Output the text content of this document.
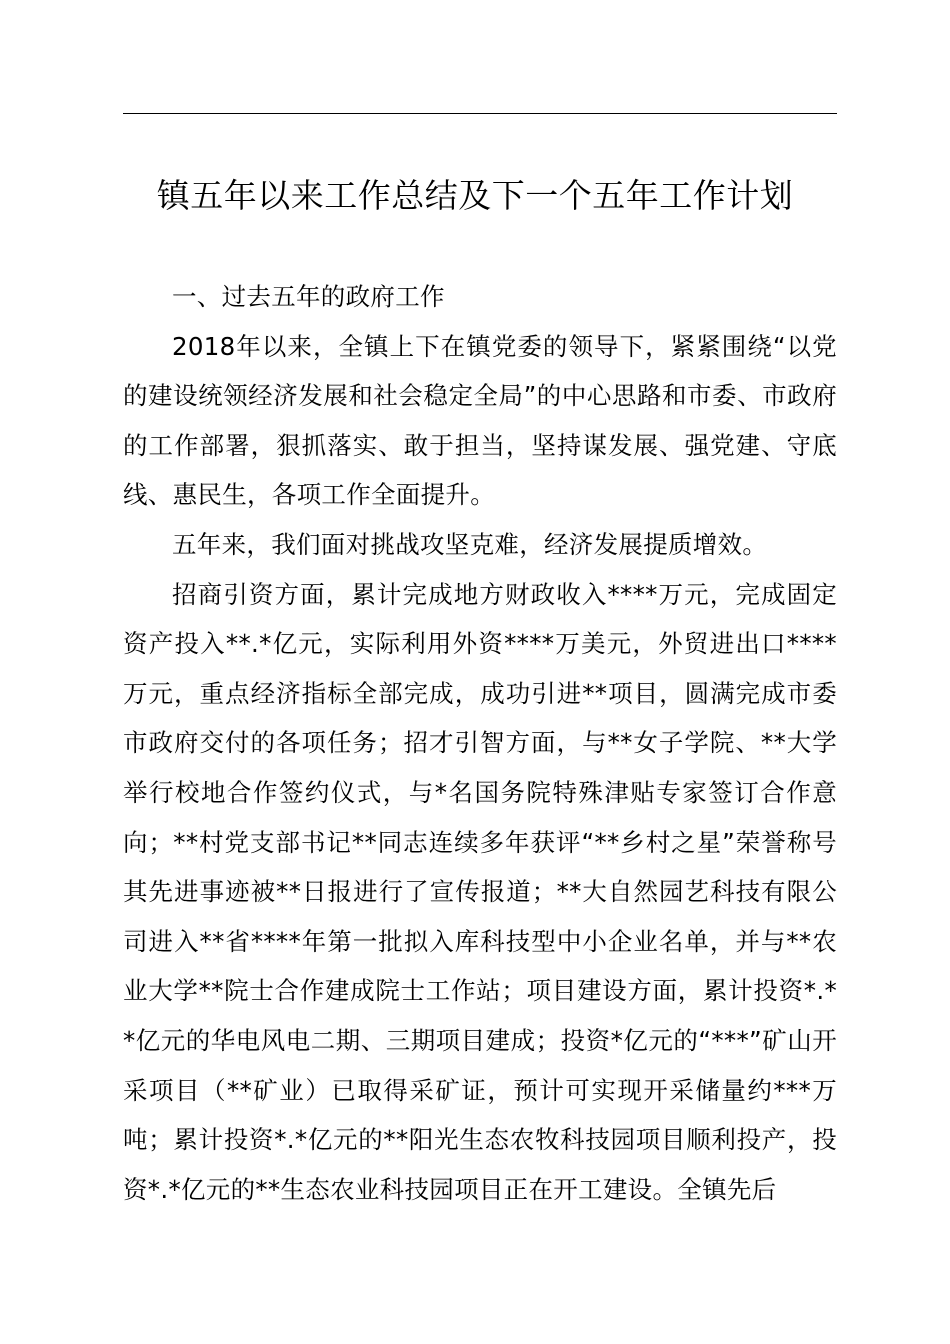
镇五年以来工作总结及下一个五年工作计划

一、过去五年的政府工作

2018年以来，全镇上下在镇党委的领导下，紧紧围绕“以党的建设统领经济发展和社会稳定全局”的中心思路和市委、市政府的工作部署，狠抓落实、敢于担当，坚持谋发展、强党建、守底线、惠民生，各项工作全面提升。

五年来，我们面对挑战攻坚克难，经济发展提质增效。

招商引资方面，累计完成地方财政收入****万元，完成固定资产投入**.*亿元，实际利用外资****万美元，外贸进出口****万元，重点经济指标全部完成，成功引进**项目，圆满完成市委市政府交付的各项任务；招才引智方面，与**女子学院、**大学举行校地合作签约仪式，与*名国务院特殊津贴专家签订合作意向；**村党支部书记**同志连续多年获评“**乡村之星”荣誉称号其先进事迹被**日报进行了宣传报道；**大自然园艺科技有限公司进入**省****年第一批拟入库科技型中小企业名单，并与**农业大学**院士合作建成院士工作站；项目建设方面，累计投资*.**亿元的华电风电二期、三期项目建成；投资*亿元的“***”矿山开采项目（**矿业）已取得采矿证，预计可实现开采储量约***万吨；累计投资*.*亿元的**阳光生态农牧科技园项目顺利投产，投资*.*亿元的**生态农业科技园项目正在开工建设。全镇先后
